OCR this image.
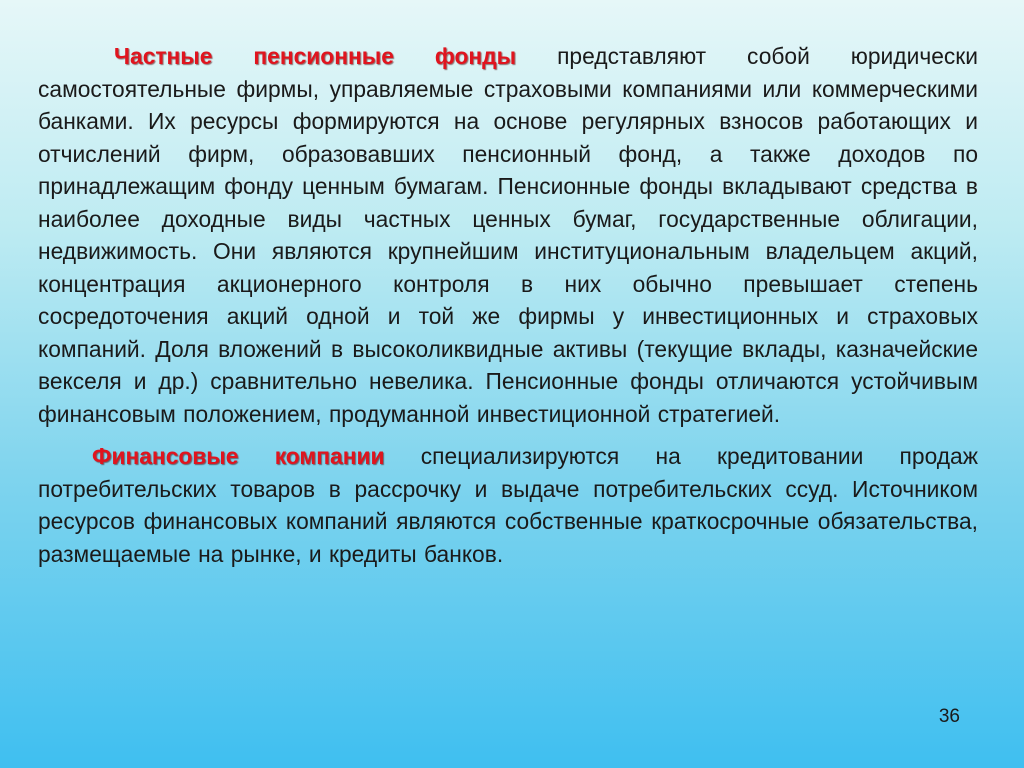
Частные пенсионные фонды представляют собой юридически самостоятельные фирмы, управляемые страховыми компаниями или коммерческими банками. Их ресурсы формируются на основе регулярных взносов работающих и отчислений фирм, образовавших пенсионный фонд, а также доходов по принадлежащим фонду ценным бумагам. Пенсионные фонды вкладывают средства в наиболее доходные виды частных ценных бумаг, государственные облигации, недвижимость. Они являются крупнейшим институциональным владельцем акций, концентрация акционерного контроля в них обычно превышает степень сосредоточения акций одной и той же фирмы у инвестиционных и страховых компаний. Доля вложений в высоколиквидные активы (текущие вклады, казначейские векселя и др.) сравнительно невелика. Пенсионные фонды отличаются устойчивым финансовым положением, продуманной инвестиционной стратегией.

Финансовые компании специализируются на кредитовании продаж потребительских товаров в рассрочку и выдаче потребительских ссуд. Источником ресурсов финансовых компаний являются собственные краткосрочные обязательства, размещаемые на рынке, и кредиты банков.

36
